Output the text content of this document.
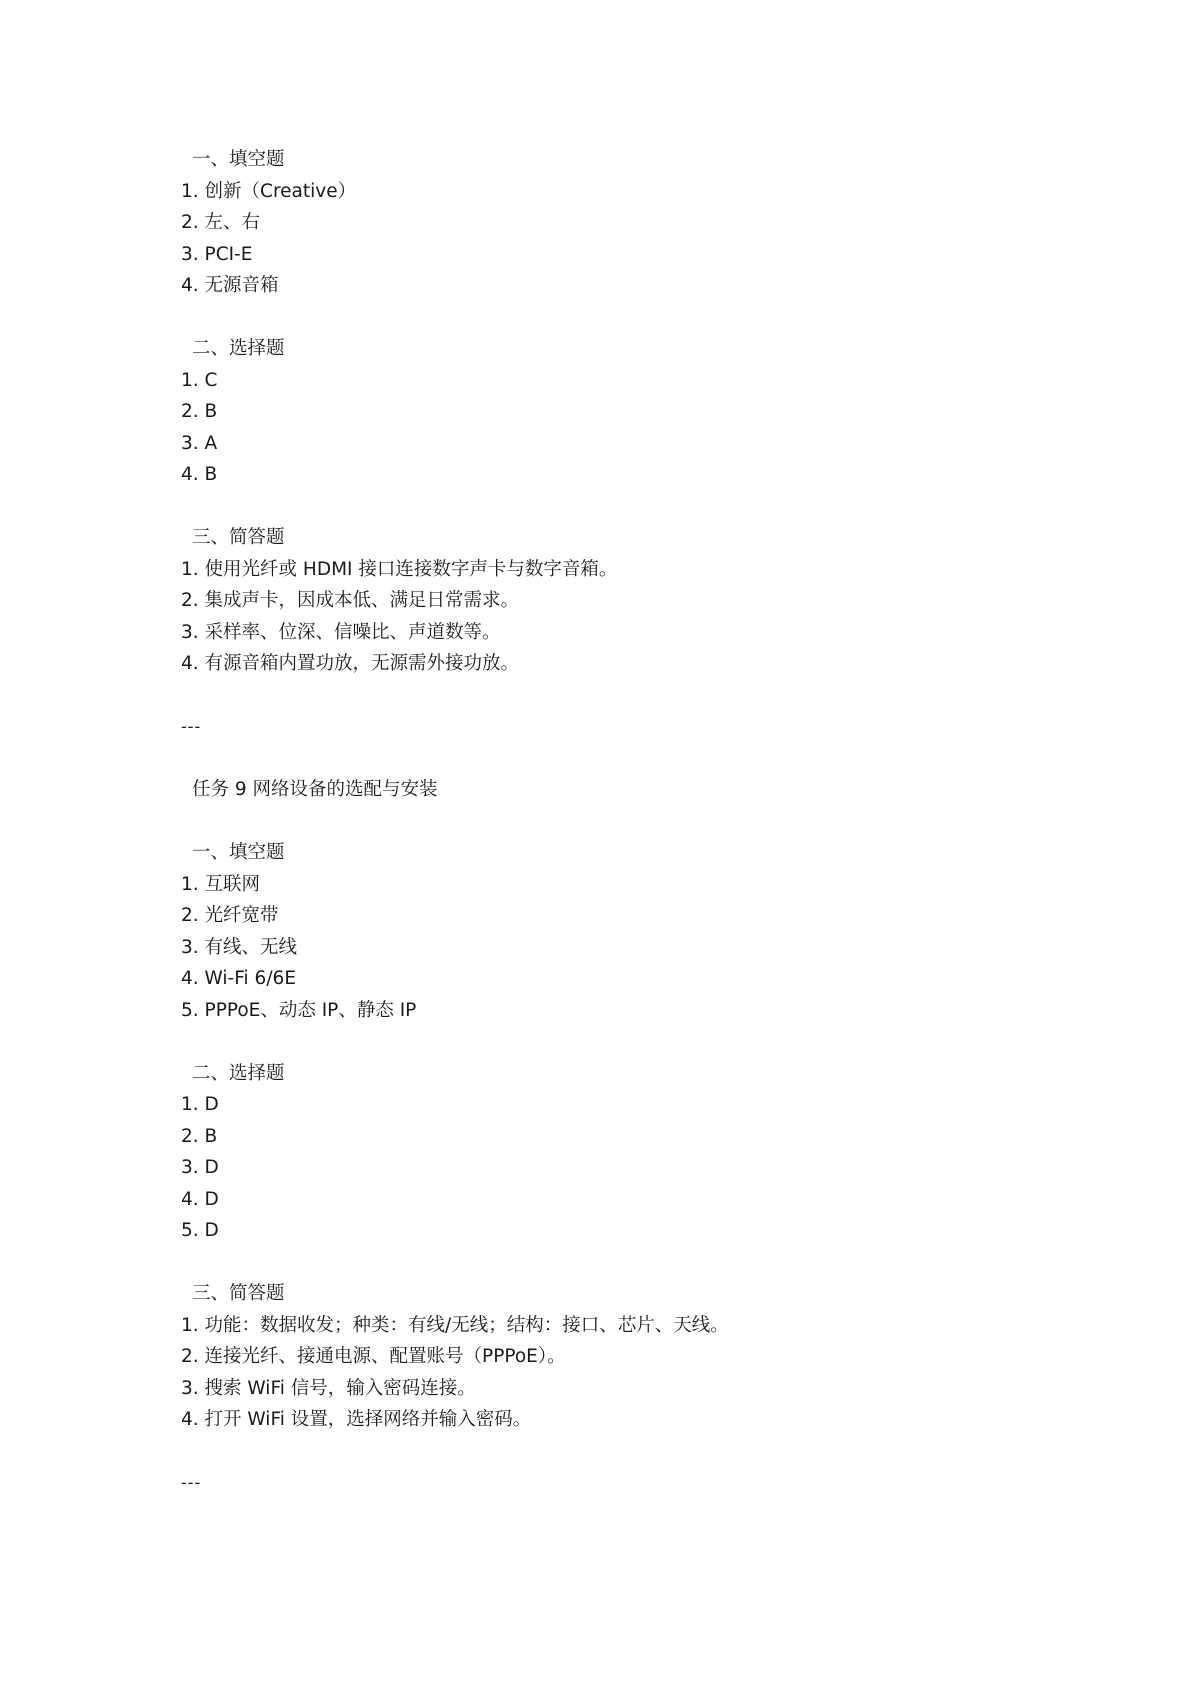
一、填空题
1. 创新（Creative）
2. 左、右
3. PCI-E
4. 无源音箱
二、选择题
1. C
2. B
3. A
4. B
三、简答题
1. 使用光纤或 HDMI 接口连接数字声卡与数字音箱。
2. 集成声卡，因成本低、满足日常需求。
3. 采样率、位深、信噪比、声道数等。
4. 有源音箱内置功放，无源需外接功放。
---
任务 9 网络设备的选配与安装
一、填空题
1. 互联网
2. 光纤宽带
3. 有线、无线
4. Wi-Fi 6/6E
5. PPPoE、动态 IP、静态 IP
二、选择题
1. D
2. B
3. D
4. D
5. D
三、简答题
1. 功能：数据收发；种类：有线/无线；结构：接口、芯片、天线。
2. 连接光纤、接通电源、配置账号（PPPoE）。
3. 搜索 WiFi 信号，输入密码连接。
4. 打开 WiFi 设置，选择网络并输入密码。
---
